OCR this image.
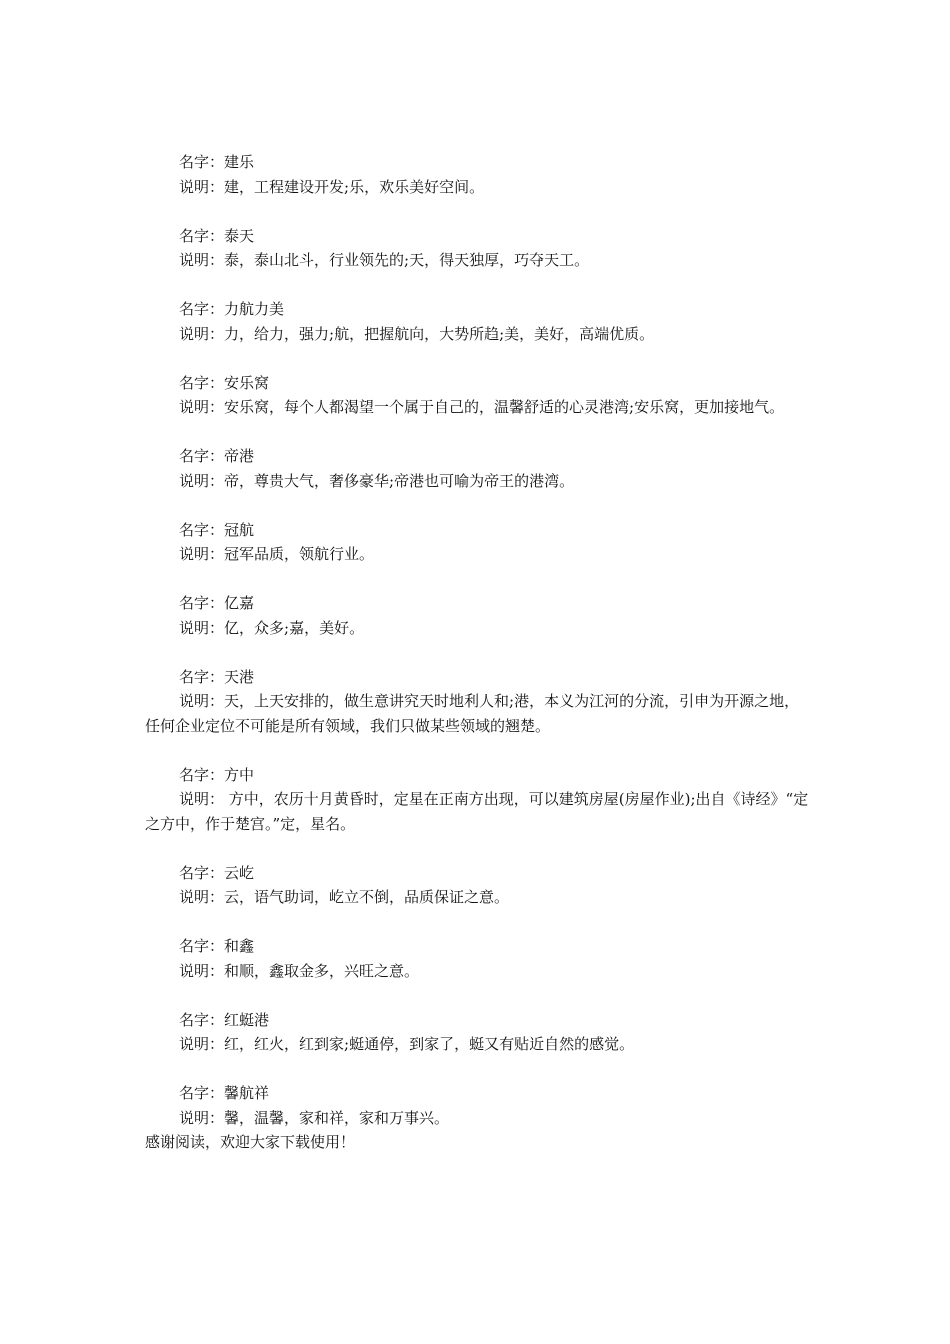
名字：建乐
说明：建，工程建设开发;乐，欢乐美好空间。
名字：泰天
说明：泰，泰山北斗，行业领先的;天，得天独厚，巧夺天工。
名字：力航力美
说明：力，给力，强力;航，把握航向，大势所趋;美，美好，高端优质。
名字：安乐窝
说明：安乐窝，每个人都渴望一个属于自己的，温馨舒适的心灵港湾;安乐窝，更加接地气。
名字：帝港
说明：帝，尊贵大气，奢侈豪华;帝港也可喻为帝王的港湾。
名字：冠航
说明：冠军品质，领航行业。
名字：亿嘉
说明：亿，众多;嘉，美好。
名字：天港
说明：天，上天安排的，做生意讲究天时地利人和;港，本义为江河的分流，引申为开源之地，任何企业定位不可能是所有领域，我们只做某些领域的翘楚。
名字：方中
说明： 方中，农历十月黄昏时，定星在正南方出现，可以建筑房屋(房屋作业);出自《诗经》“定之方中，作于楚宫。”定，星名。
名字：云屹
说明：云，语气助词，屹立不倒，品质保证之意。
名字：和鑫
说明：和顺，鑫取金多，兴旺之意。
名字：红蜓港
说明：红，红火，红到家;蜓通停，到家了，蜓又有贴近自然的感觉。
名字：馨航祥
说明：馨，温馨，家和祥，家和万事兴。
感谢阅读，欢迎大家下载使用！
